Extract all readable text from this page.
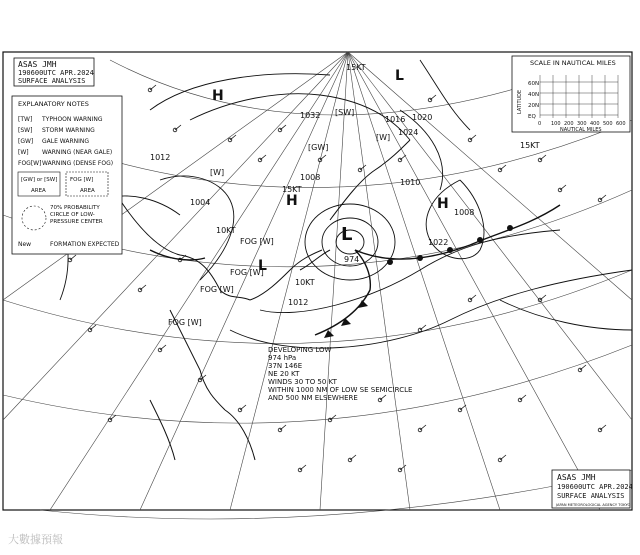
L
974
H
H	H
L
L
1008
1016
1012
1004
1032
1024
1020
1010
1022
1008
1012
[SW]
[GW]
[W]
[W]
FOG [W]
FOG [W]
FOG [W]
FOG [W]
10KT
15KT
15KT
10KT
15KT
DEVELOPING LOW
974 hPa
37N 146E
NE 20 KT
WINDS 30 TO 50 KT
WITHIN 1000 NM OF LOW SE SEMICIRCLE
AND 500 NM ELSEWHERE
ASAS JMH
190600UTC APR.2024
SURFACE ANALYSIS
EXPLANATORY NOTES
[TW] TYPHOON WARNING
[SW] STORM WARNING
[GW] GALE WARNING
[W] WARNING (NEAR GALE)
FOG[W] WARNING (DENSE FOG)
[GW] or [SW]
AREA
FOG [W]
AREA
70% PROBABILITY CIRCLE OF LOW-PRESSURE CENTER
New	FORMATION EXPECTED
SCALE IN NAUTICAL MILES
LATITUDE
60N
40N
20N
EQ
0 100 200 300 400 500 600
NAUTICAL MILES
ASAS JMH
190600UTC APR.2024
SURFACE ANALYSIS
JAPAN METEOROLOGICAL AGENCY TOKYO
大數據預報
